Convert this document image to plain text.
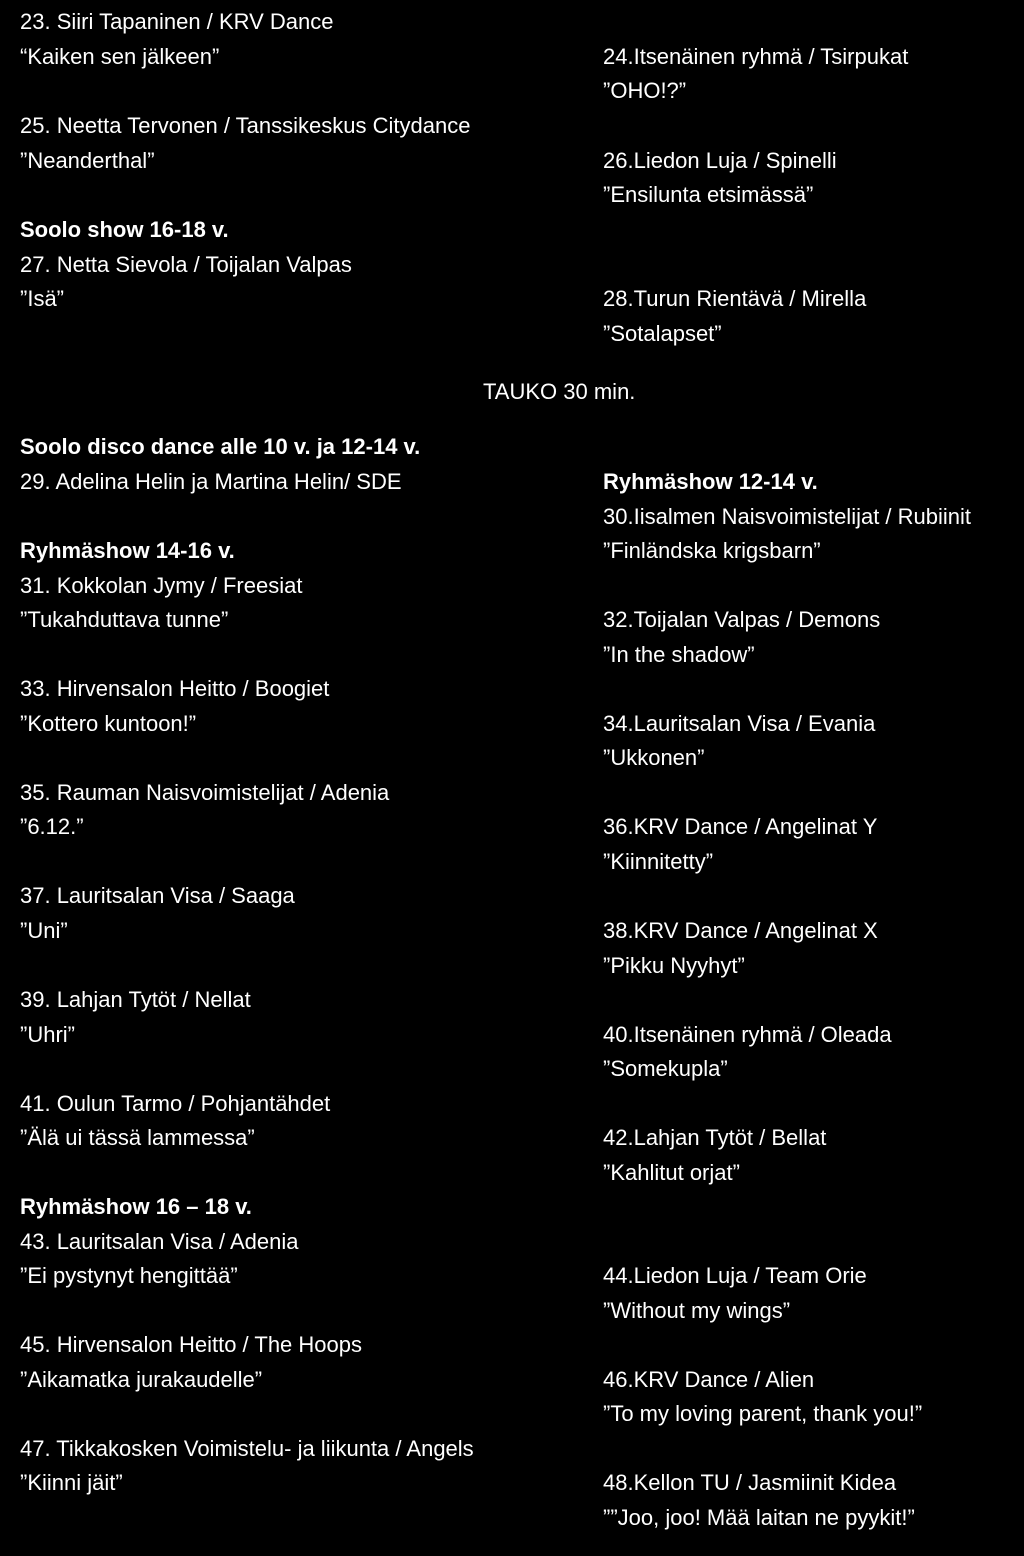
23. Siiri Tapaninen / KRV Dance
“Kaiken sen jälkeen”	24.Itsenäinen ryhmä / Tsirpukat
”OHO!?”
25. Neetta Tervonen / Tanssikeskus Citydance
”Neanderthal”	26.Liedon Luja / Spinelli
”Ensilunta etsimässä”
Soolo show 16-18 v.
27. Netta Sievola / Toijalan Valpas
”Isä”	28.Turun Rientävä / Mirella
”Sotalapset”
TAUKO 30 min.
Soolo disco dance alle 10 v. ja 12-14 v.
29. Adelina Helin ja Martina Helin/ SDE	Ryhmäshow 12-14 v.
30.Iisalmen Naisvoimistelijat / Rubiinit
”Finländska krigsbarn”
Ryhmäshow 14-16 v.
31. Kokkolan Jymy / Freesiat
”Tukahduttava tunne”	32.Toijalan Valpas / Demons
”In the shadow”
33. Hirvensalon Heitto / Boogiet
”Kottero kuntoon!”	34.Lauritsalan Visa / Evania
”Ukkonen”
35. Rauman Naisvoimistelijat / Adenia
”6.12.”	36.KRV Dance / Angelinat Y
”Kiinnitetty”
37. Lauritsalan Visa / Saaga
”Uni”	38.KRV Dance / Angelinat X
”Pikku Nyyhyt”
39. Lahjan Tytöt / Nellat
”Uhri”	40.Itsenäinen ryhmä / Oleada
”Somekupla”
41. Oulun Tarmo / Pohjantähdet
”Älä ui tässä lammessa”	42.Lahjan Tytöt / Bellat
”Kahlitut orjat”
Ryhmäshow 16 – 18 v.
43. Lauritsalan Visa / Adenia
”Ei pystynyt hengittää”	44.Liedon Luja / Team Orie
”Without my wings”
45. Hirvensalon Heitto / The Hoops
”Aikamatka jurakaudelle”	46.KRV Dance / Alien
”To my loving parent, thank you!”
47. Tikkakosken Voimistelu- ja liikunta / Angels
”Kiinni jäit”	48.Kellon TU / Jasmiinit Kidea
””Joo, joo! Mää laitan ne pyykit!”
